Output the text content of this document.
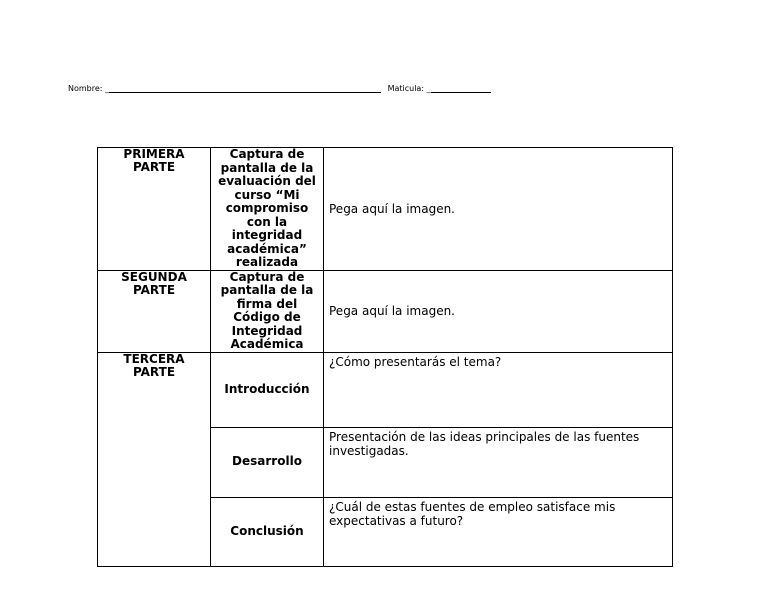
Nombre: _	Maticula: _
PRIMERA PARTE	Captura de pantalla de la evaluación del curso “Mi compromiso con la integridad académica” realizada	Pega aquí la imagen.
SEGUNDA PARTE	Captura de pantalla de la firma del Código de Integridad Académica	Pega aquí la imagen.
TERCERA PARTE	Introducción	¿Cómo presentarás el tema?
	Desarrollo	Presentación de las ideas principales de las fuentes investigadas.
	Conclusión	¿Cuál de estas fuentes de empleo satisface mis expectativas a futuro?
